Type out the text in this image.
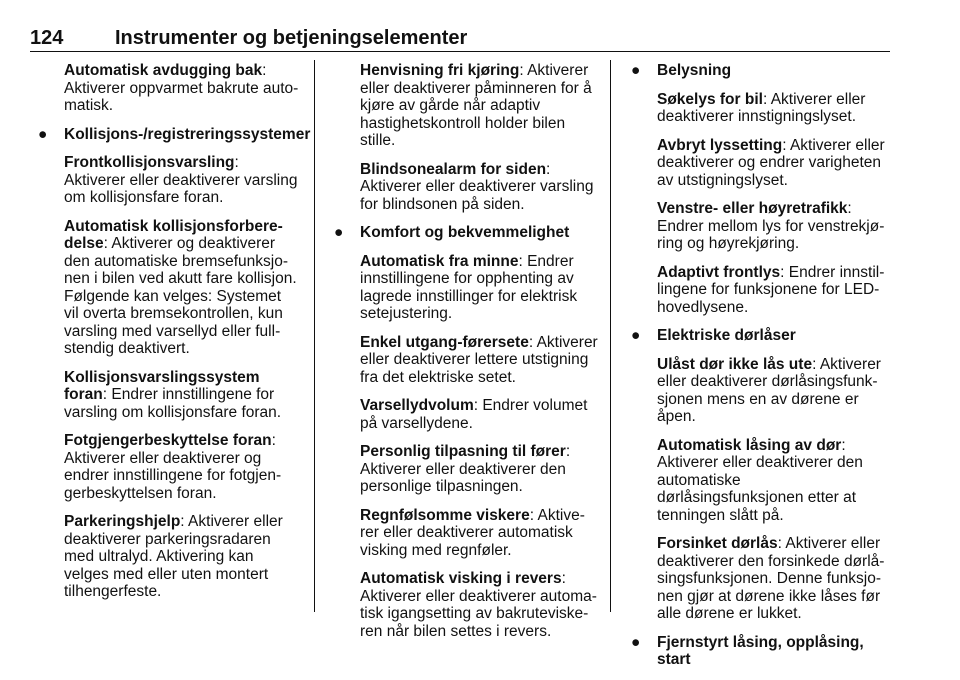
124	Instrumenter og betjeningselementer
Automatisk avdugging bak: Aktiverer oppvarmet bakrute automatisk.
● Kollisjons-/registreringssystemer
Frontkollisjonsvarsling: Aktiverer eller deaktiverer varsling om kollisjonsfare foran.
Automatisk kollisjonsforberedelse: Aktiverer og deaktiverer den automatiske bremsefunksjonen i bilen ved akutt fare kollisjon. Følgende kan velges: Systemet vil overta bremsekontrollen, kun varsling med varsellyd eller fullstendig deaktivert.
Kollisjonsvarslingssystem foran: Endrer innstillingene for varsling om kollisjonsfare foran.
Fotgjengerbeskyttelse foran: Aktiverer eller deaktiverer og endrer innstillingene for fotgjengerbeskyttelsen foran.
Parkeringshjelp: Aktiverer eller deaktiverer parkeringsradaren med ultralyd. Aktivering kan velges med eller uten montert tilhengerfeste.
Henvisning fri kjøring: Aktiverer eller deaktiverer påminneren for å kjøre av gårde når adaptiv hastighetskontroll holder bilen stille.
Blindsonealarm for siden: Aktiverer eller deaktiverer varsling for blindsonen på siden.
● Komfort og bekvemmelighet
Automatisk fra minne: Endrer innstillingene for opphenting av lagrede innstillinger for elektrisk setejustering.
Enkel utgang-førersete: Aktiverer eller deaktiverer lettere utstigning fra det elektriske setet.
Varsellydvolum: Endrer volumet på varsellydene.
Personlig tilpasning til fører: Aktiverer eller deaktiverer den personlige tilpasningen.
Regnfølsomme viskere: Aktiverer eller deaktiverer automatisk visking med regnføler.
Automatisk visking i revers: Aktiverer eller deaktiverer automatisk igangsetting av bakruteviskeren når bilen settes i revers.
● Belysning
Søkelys for bil: Aktiverer eller deaktiverer innstigningslyset.
Avbryt lyssetting: Aktiverer eller deaktiverer og endrer varigheten av utstigningslyset.
Venstre- eller høyretrafikk: Endrer mellom lys for venstrekjøring og høyrekjøring.
Adaptivt frontlys: Endrer innstillingene for funksjonene for LED-hovedlysene.
● Elektriske dørlåser
Ulåst dør ikke lås ute: Aktiverer eller deaktiverer dørlåsingsfunksjonen mens en av dørene er åpen.
Automatisk låsing av dør: Aktiverer eller deaktiverer den automatiske dørlåsingsfunksjonen etter at tenningen slått på.
Forsinket dørlås: Aktiverer eller deaktiverer den forsinkede dørlåsingsfunksjonen. Denne funksjonen gjør at dørene ikke låses før alle dørene er lukket.
● Fjernstyrt låsing, opplåsing, start
